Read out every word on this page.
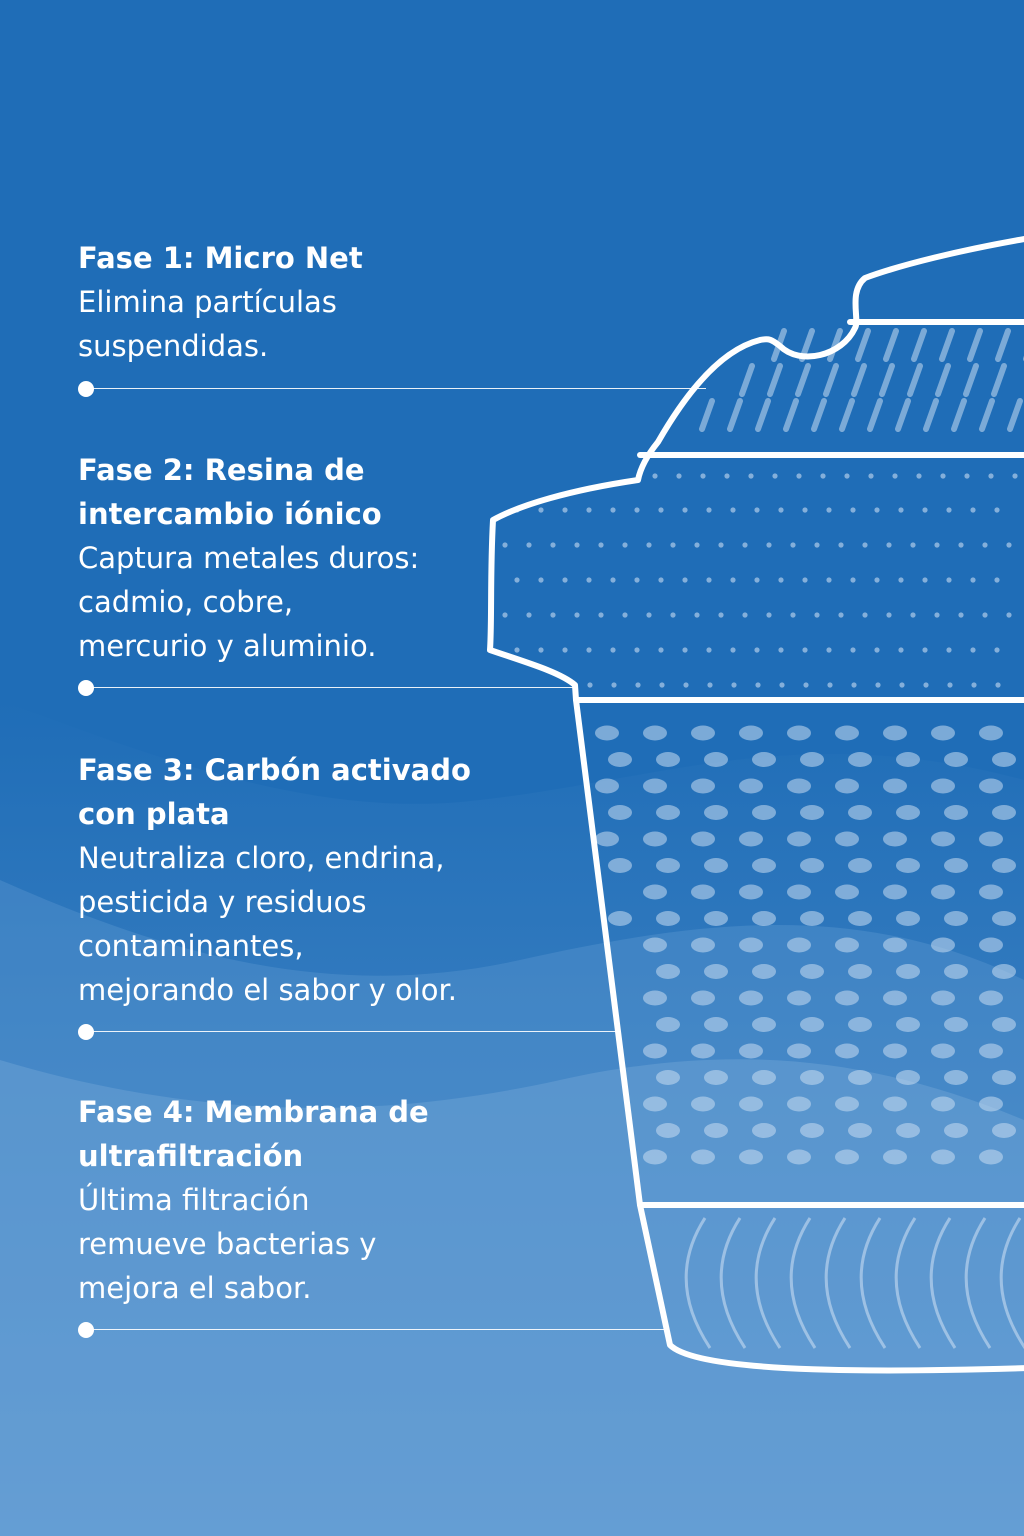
Fase 1: Micro Net
Elimina partículas
suspendidas.
Fase 2: Resina de
intercambio iónico
Captura metales duros:
cadmio, cobre,
mercurio y aluminio.
Fase 3: Carbón activado
con plata
Neutraliza cloro, endrina,
pesticida y residuos
contaminantes,
mejorando el sabor y olor.
Fase 4: Membrana de
ultrafiltración
Última filtración
remueve bacterias y
mejora el sabor.
